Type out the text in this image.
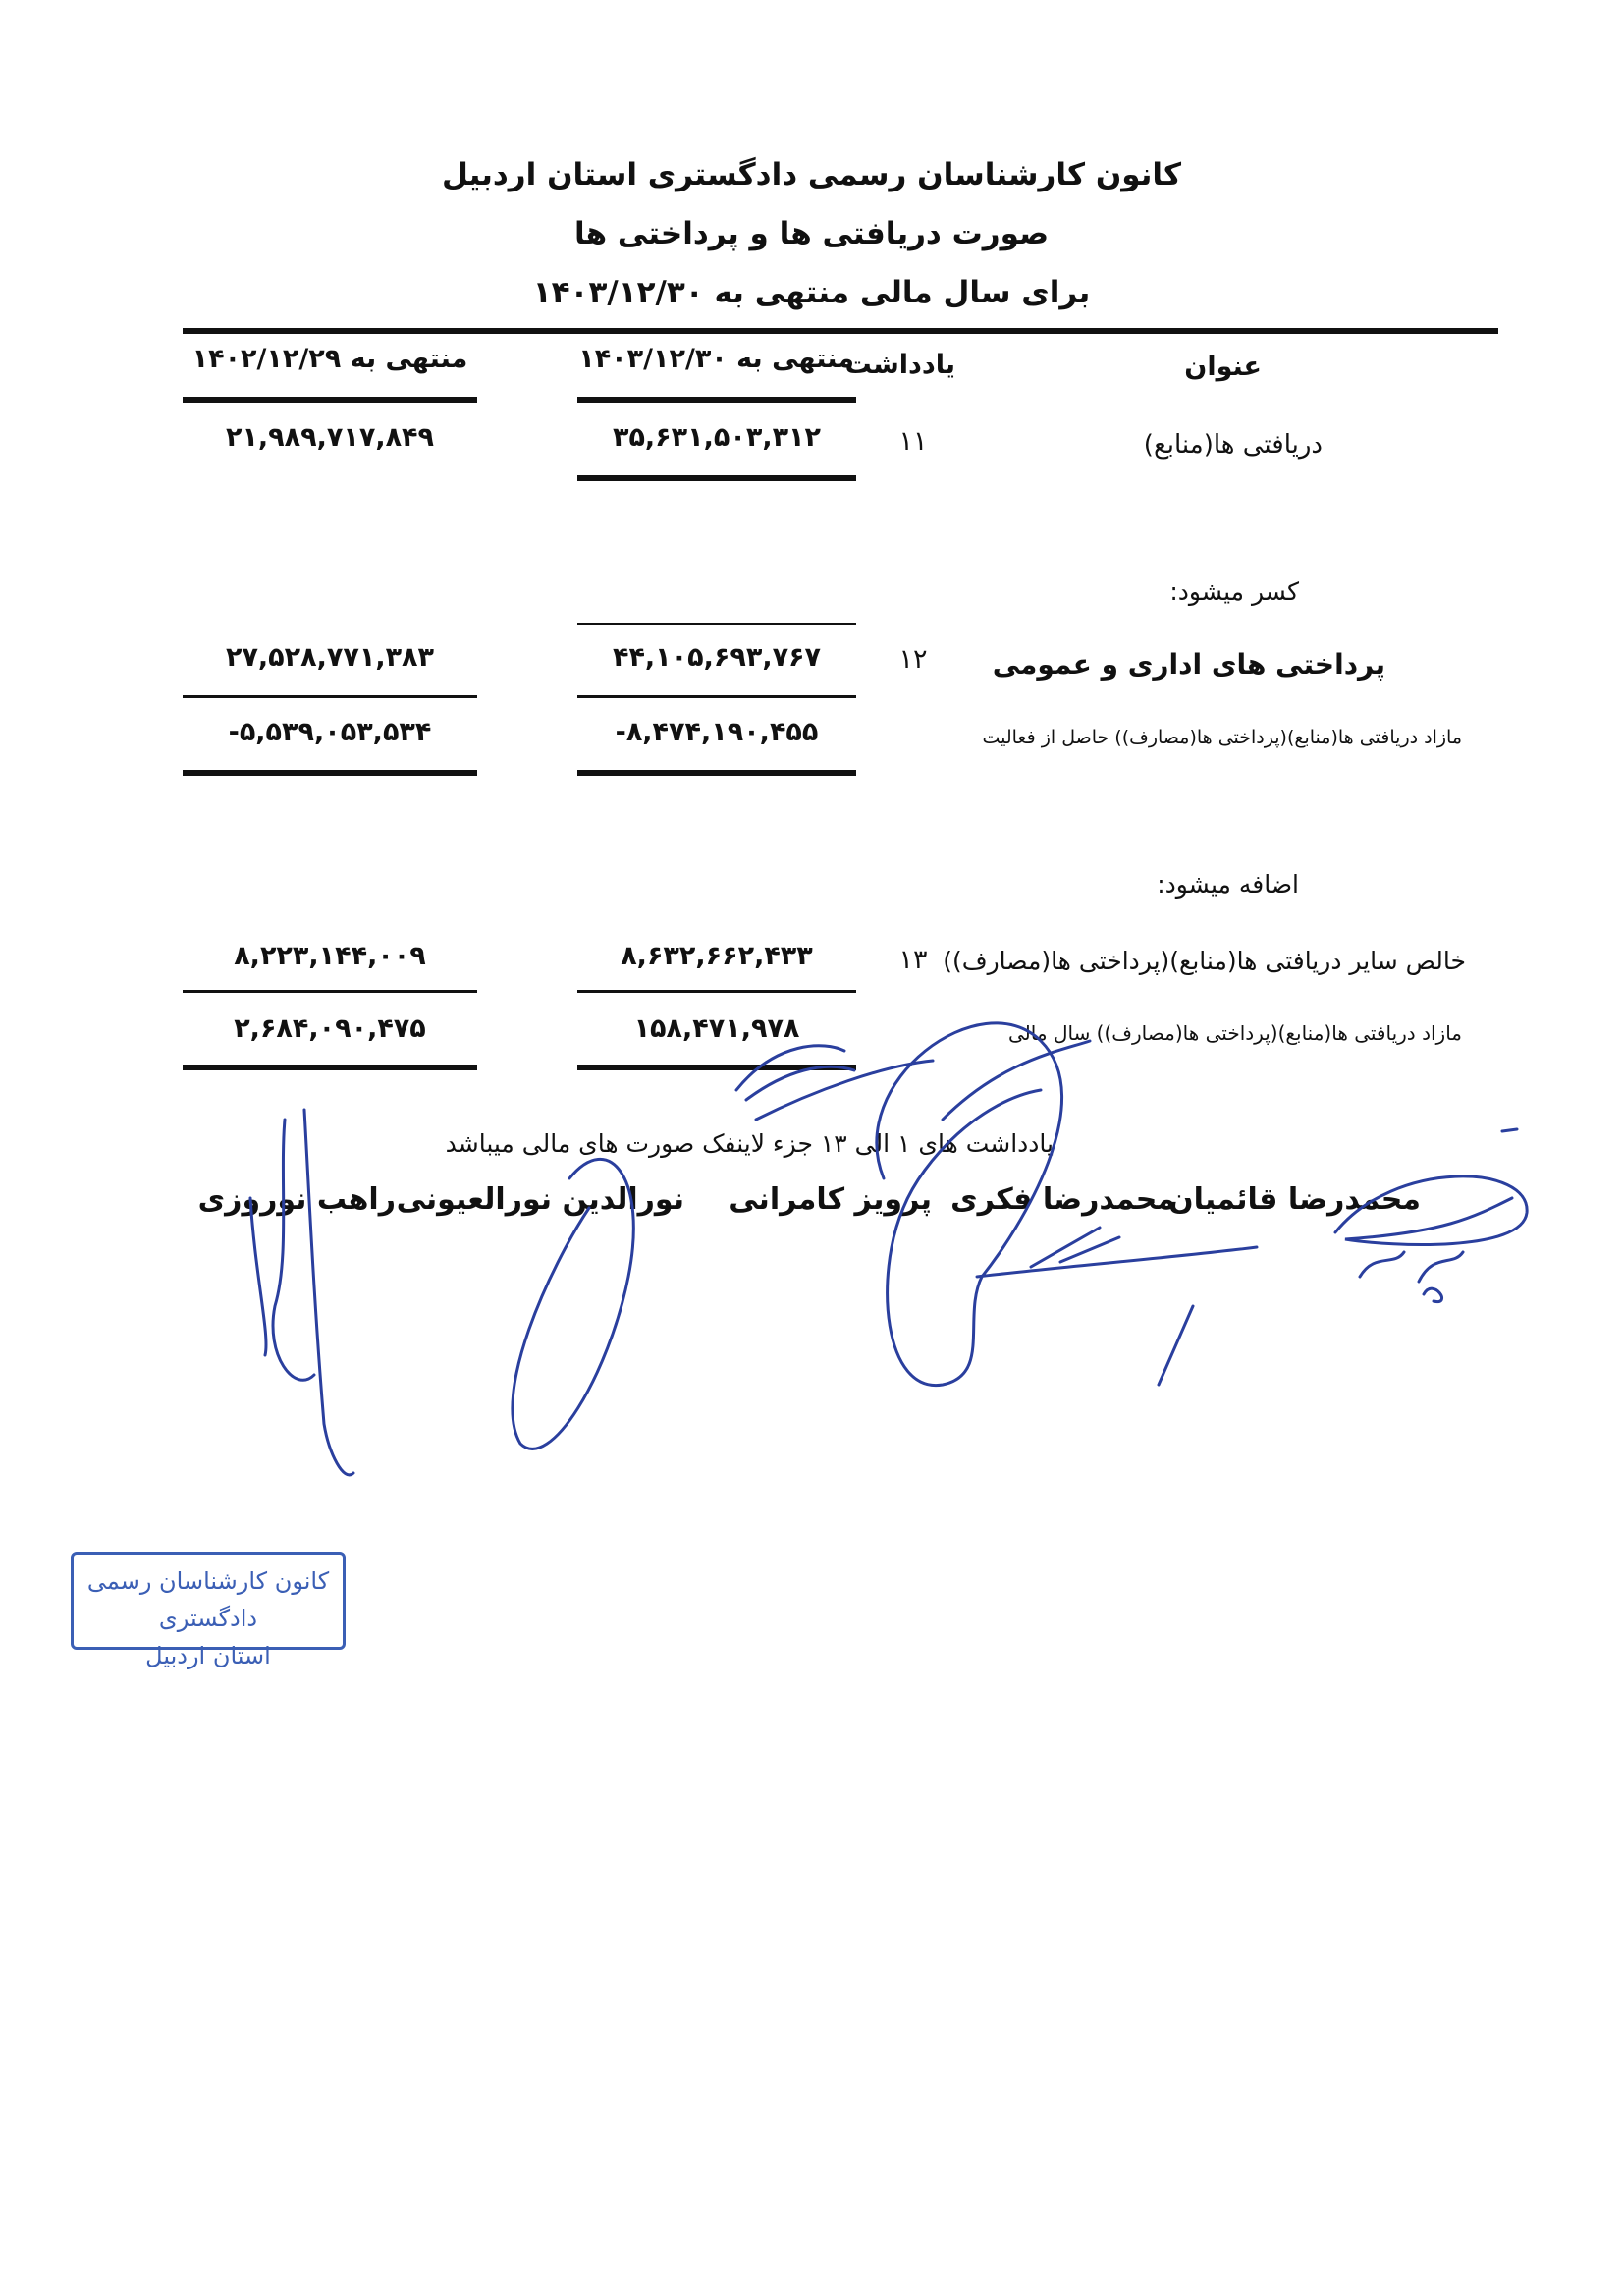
کانون کارشناسان رسمی دادگستری استان اردبیل
صورت دریافتی ها و پرداختی ها
برای سال مالی منتهی به ۱۴۰۳/۱۲/۳۰
عنوان
یادداشت
منتهی به ۱۴۰۳/۱۲/۳۰
منتهی به ۱۴۰۲/۱۲/۲۹
دریافتی ها(منابع)
۱۱
۳۵,۶۳۱,۵۰۳,۳۱۲
۲۱,۹۸۹,۷۱۷,۸۴۹
کسر میشود:
پرداختی های اداری و عمومی
۱۲
۴۴,۱۰۵,۶۹۳,۷۶۷
۲۷,۵۲۸,۷۷۱,۳۸۳
مازاد دریافتی ها(منابع)(پرداختی ها(مصارف)) حاصل از فعالیت
-۸,۴۷۴,۱۹۰,۴۵۵
-۵,۵۳۹,۰۵۳,۵۳۴
اضافه میشود:
خالص سایر دریافتی ها(منابع)(پرداختی ها(مصارف))
۱۳
۸,۶۳۲,۶۶۲,۴۳۳
۸,۲۲۳,۱۴۴,۰۰۹
مازاد دریافتی ها(منابع)(پرداختی ها(مصارف)) سال مالی
۱۵۸,۴۷۱,۹۷۸
۲,۶۸۴,۰۹۰,۴۷۵
یادداشت های ۱ الی ۱۳ جزء لاینفک صورت های مالی میباشد
محمدرضا قائمیان
محمدرضا فکری
پرویز کامرانی
نورالدین نورالعیونی
راهب نوروزی
کانون کارشناسان رسمی دادگستری
استان اردبیل
